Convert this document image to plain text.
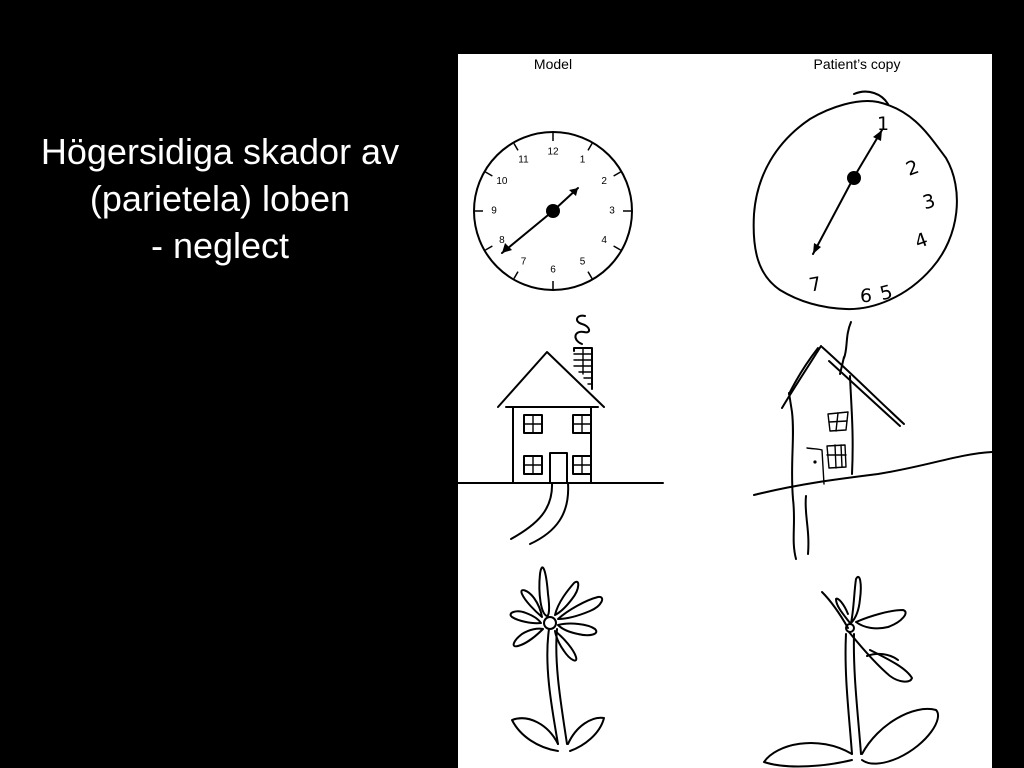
Högersidiga skador av
(parietela) loben
- neglect
Model	Patient’s copy
12
1
2
3
4
5
6
7
8
9
10
11
1
2
3
4
5
6
7
